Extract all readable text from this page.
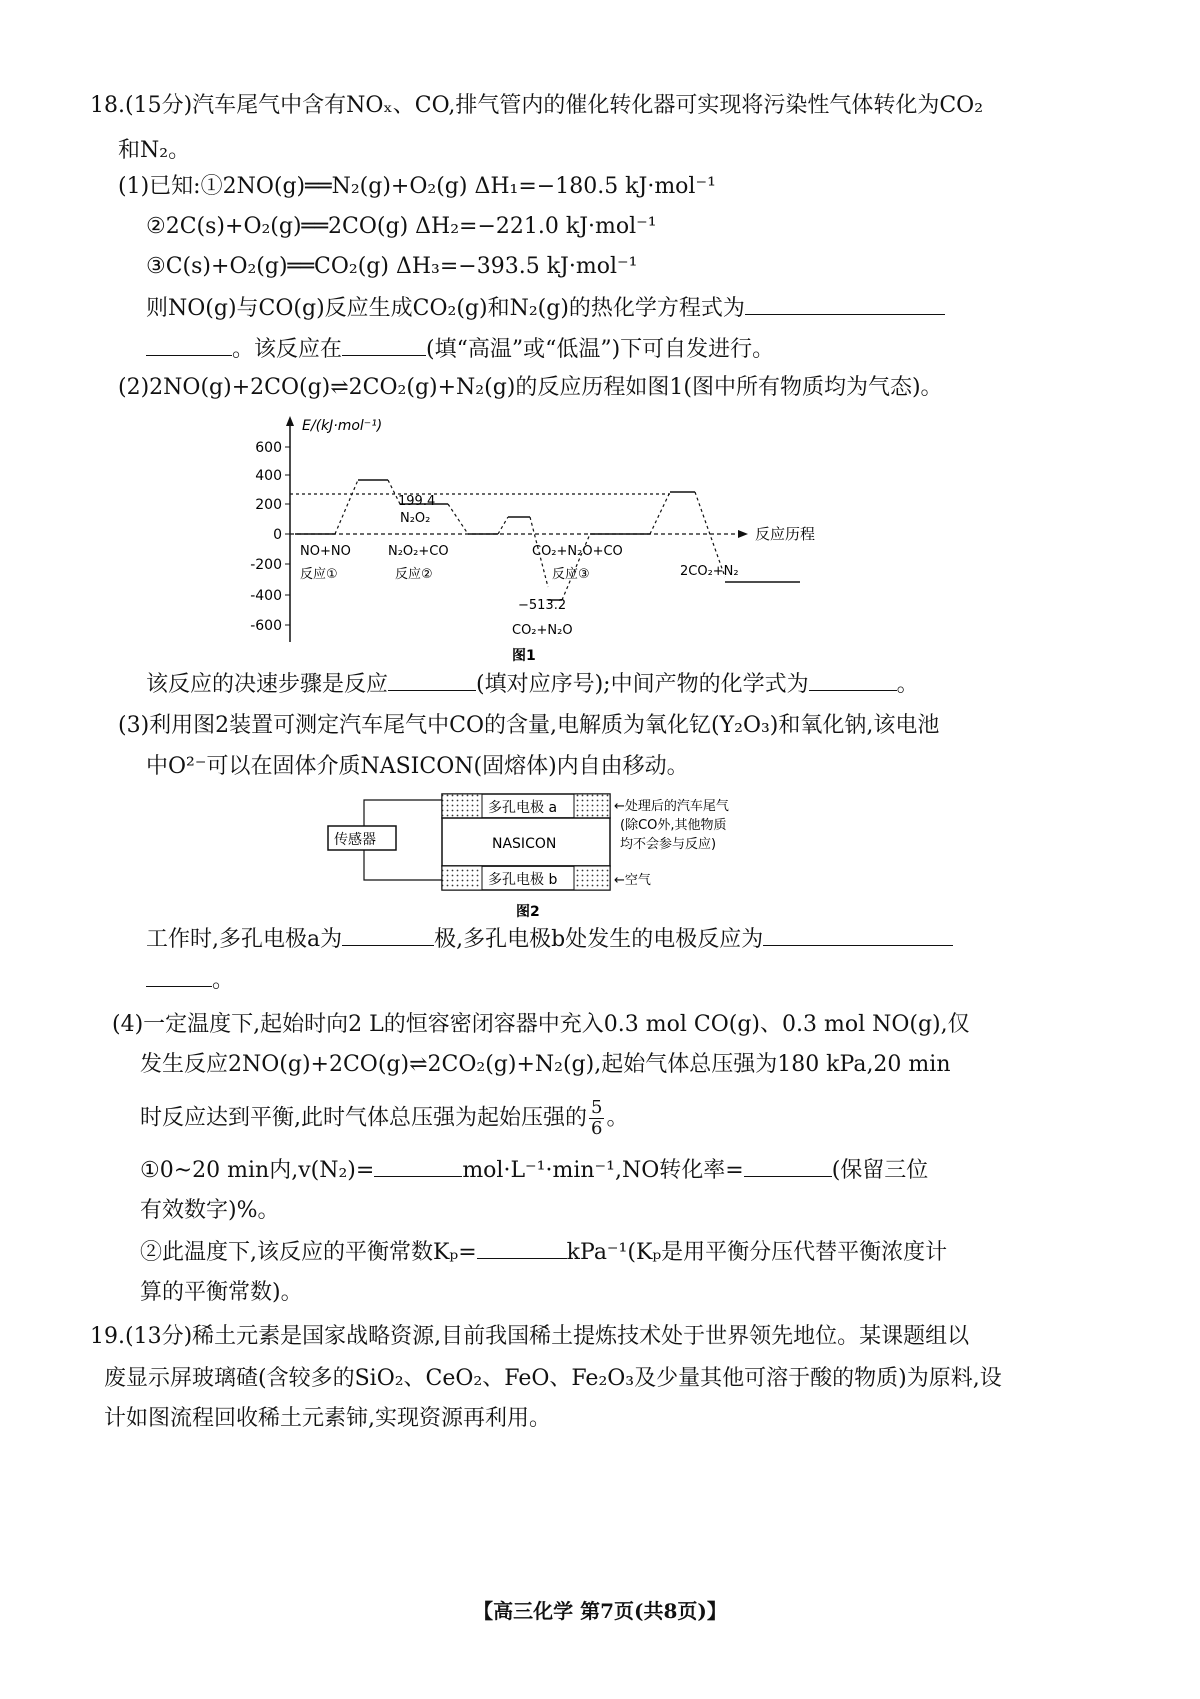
18.(15分)汽车尾气中含有NOₓ、CO,排气管内的催化转化器可实现将污染性气体转化为CO₂
和N₂。
(1)已知:①2NO(g)══N₂(g)+O₂(g) ΔH₁=−180.5 kJ·mol⁻¹
②2C(s)+O₂(g)══2CO(g) ΔH₂=−221.0 kJ·mol⁻¹
③C(s)+O₂(g)══CO₂(g) ΔH₃=−393.5 kJ·mol⁻¹
则NO(g)与CO(g)反应生成CO₂(g)和N₂(g)的热化学方程式为
。该反应在	(填“高温”或“低温”)下可自发进行。
(2)2NO(g)+2CO(g)⇌2CO₂(g)+N₂(g)的反应历程如图1(图中所有物质均为气态)。
E/(kJ·mol⁻¹)
600
400
200
0
-200
-400
-600
反应历程
199.4
N₂O₂
NO+NO
反应①
N₂O₂+CO
反应②
CO₂+N₂O+CO
反应③	2CO₂+N₂
−513.2
CO₂+N₂O
图1
该反应的决速步骤是反应	(填对应序号);中间产物的化学式为	。
(3)利用图2装置可测定汽车尾气中CO的含量,电解质为氧化钇(Y₂O₃)和氧化钠,该电池
中O²⁻可以在固体介质NASICON(固熔体)内自由移动。
多孔电极 a
NASICON
多孔电极 b
传感器
←处理后的汽车尾气
(除CO外,其他物质
均不会参与反应)
←空气
图2
工作时,多孔电极a为	极,多孔电极b处发生的电极反应为
。
(4)一定温度下,起始时向2 L的恒容密闭容器中充入0.3 mol CO(g)、0.3 mol NO(g),仅
发生反应2NO(g)+2CO(g)⇌2CO₂(g)+N₂(g),起始气体总压强为180 kPa,20 min
时反应达到平衡,此时气体总压强为起始压强的 $\frac{5}{6}$ 。
①0~20 min内,v(N₂)=	mol·L⁻¹·min⁻¹,NO转化率=	(保留三位
有效数字)%。
②此温度下,该反应的平衡常数Kₚ=	kPa⁻¹(Kₚ是用平衡分压代替平衡浓度计
算的平衡常数)。
19.(13分)稀土元素是国家战略资源,目前我国稀土提炼技术处于世界领先地位。某课题组以
废显示屏玻璃碴(含较多的SiO₂、CeO₂、FeO、Fe₂O₃及少量其他可溶于酸的物质)为原料,设
计如图流程回收稀土元素铈,实现资源再利用。
【高三化学 第7页(共8页)】
